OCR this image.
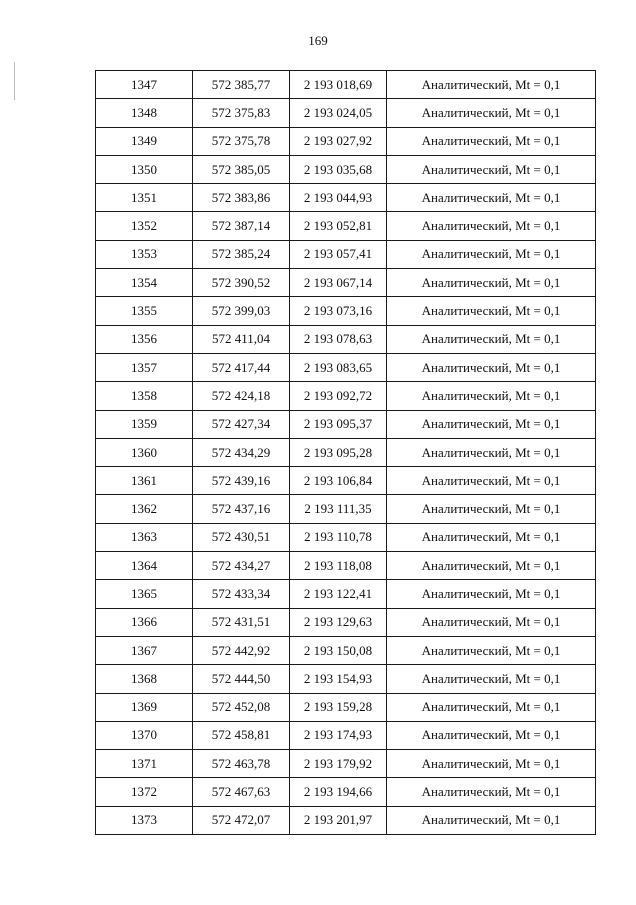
169
1347	572 385,77	2 193 018,69	Аналитический, Mt = 0,1
1348	572 375,83	2 193 024,05	Аналитический, Mt = 0,1
1349	572 375,78	2 193 027,92	Аналитический, Mt = 0,1
1350	572 385,05	2 193 035,68	Аналитический, Mt = 0,1
1351	572 383,86	2 193 044,93	Аналитический, Mt = 0,1
1352	572 387,14	2 193 052,81	Аналитический, Mt = 0,1
1353	572 385,24	2 193 057,41	Аналитический, Mt = 0,1
1354	572 390,52	2 193 067,14	Аналитический, Mt = 0,1
1355	572 399,03	2 193 073,16	Аналитический, Mt = 0,1
1356	572 411,04	2 193 078,63	Аналитический, Mt = 0,1
1357	572 417,44	2 193 083,65	Аналитический, Mt = 0,1
1358	572 424,18	2 193 092,72	Аналитический, Mt = 0,1
1359	572 427,34	2 193 095,37	Аналитический, Mt = 0,1
1360	572 434,29	2 193 095,28	Аналитический, Mt = 0,1
1361	572 439,16	2 193 106,84	Аналитический, Mt = 0,1
1362	572 437,16	2 193 111,35	Аналитический, Mt = 0,1
1363	572 430,51	2 193 110,78	Аналитический, Mt = 0,1
1364	572 434,27	2 193 118,08	Аналитический, Mt = 0,1
1365	572 433,34	2 193 122,41	Аналитический, Mt = 0,1
1366	572 431,51	2 193 129,63	Аналитический, Mt = 0,1
1367	572 442,92	2 193 150,08	Аналитический, Mt = 0,1
1368	572 444,50	2 193 154,93	Аналитический, Mt = 0,1
1369	572 452,08	2 193 159,28	Аналитический, Mt = 0,1
1370	572 458,81	2 193 174,93	Аналитический, Mt = 0,1
1371	572 463,78	2 193 179,92	Аналитический, Mt = 0,1
1372	572 467,63	2 193 194,66	Аналитический, Mt = 0,1
1373	572 472,07	2 193 201,97	Аналитический, Mt = 0,1
